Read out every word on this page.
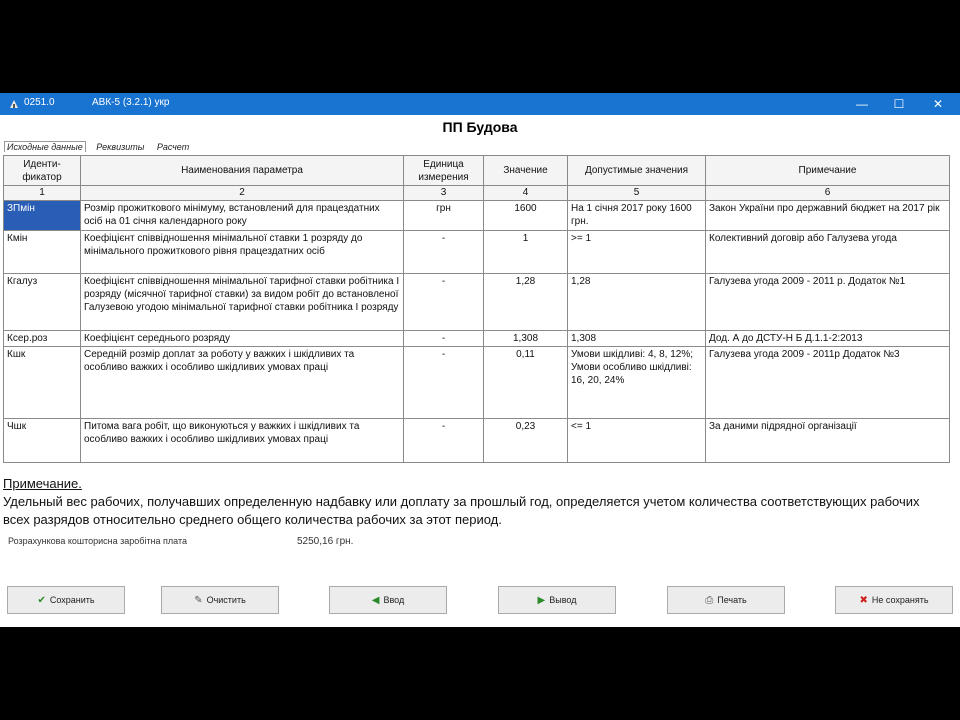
0251.0	АВК-5 (3.2.1) укр	—	☐	✕
ПП Будова
Исходные данные Реквизиты Расчет
Иденти-фикатор	Наименования параметра	Единица измерения	Значение	Допустимые значения	Примечание
1	2	3	4	5	6
ЗПмін	Розмір прожиткового мінімуму, встановлений для працездатних осіб на 01 січня календарного року	грн	1600	На 1 січня 2017 року 1600 грн.	Закон України про державний бюджет на 2017 рік
Кмін	Коефіцієнт співвідношення мінімальної ставки 1 розряду до мінімального прожиткового рівня працездатних осіб	-	1	>= 1	Колективний договір або Галузева угода
Кгалуз	Коефіцієнт співвідношення мінімальної тарифної ставки робітника I розряду (місячної тарифної ставки) за видом робіт до встановленої Галузевою угодою мінімальної тарифної ставки робітника I розряду	-	1,28	1,28	Галузева угода 2009 - 2011 р. Додаток №1
Ксер.роз	Коефіцієнт середнього розряду	-	1,308	1,308	Дод. А до ДСТУ-Н Б Д.1.1-2:2013
Кшк	Середній розмір доплат за роботу у важких і шкідливих та особливо важких і особливо шкідливих умовах праці	-	0,11	Умови шкідливі: 4, 8, 12%; Умови особливо шкідливі: 16, 20, 24%	Галузева угода 2009 - 2011р Додаток №3
Чшк	Питома вага робіт, що виконуються у важких і шкідливих та особливо важких і особливо шкідливих умовах праці	-	0,23	<= 1	За даними підрядної організації
Примечание.
Удельный вес рабочих, получавших определенную надбавку или доплату за прошлый год, определяется учетом количества соответствующих рабочих всех разрядов относительно среднего общего количества рабочих за этот период.
Розрахункова кошторисна заробітна плата	5250,16 грн.
✔ Сохранить	✎ Очистить	◀ Ввод	▶ Вывод	⎙ Печать	✖ Не сохранять
